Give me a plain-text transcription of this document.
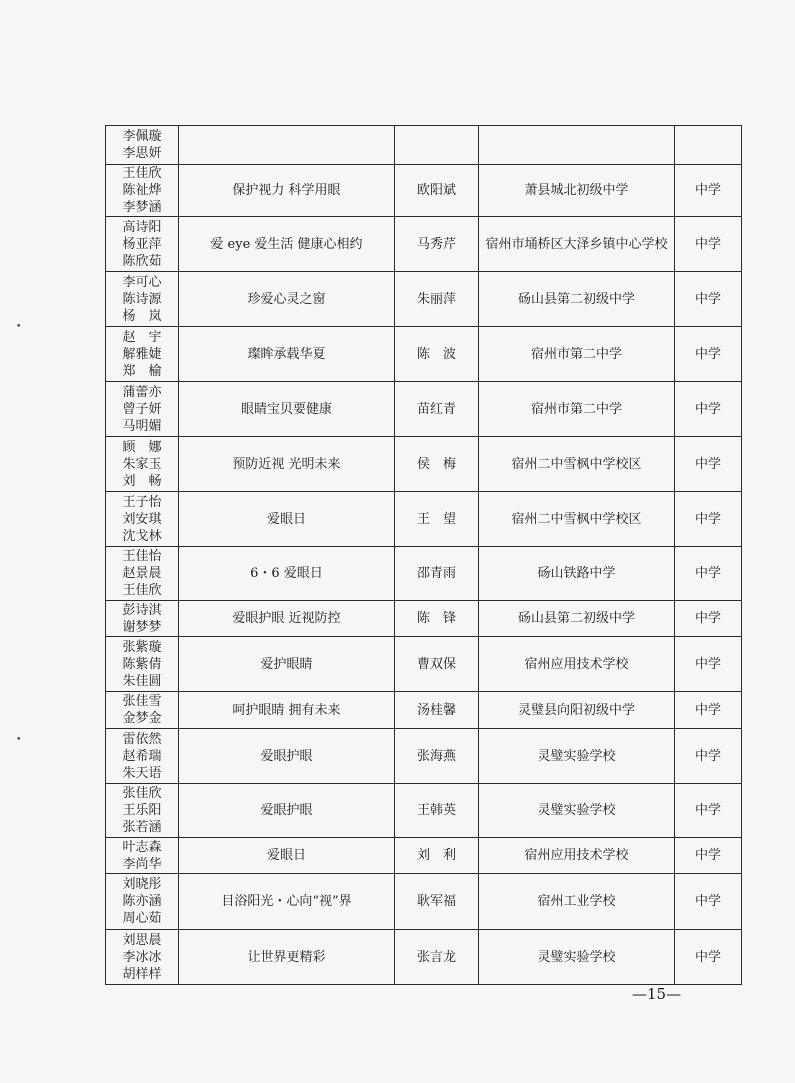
李佩璇
李思妍				

王佳欣
陈祉烨
李梦涵	保护视力 科学用眼	欧阳斌	萧县城北初级中学	中学

高诗阳
杨亚萍
陈欣茹	爱 eye 爱生活 健康心相约	马秀芹	宿州市埇桥区大泽乡镇中心学校	中学

李可心
陈诗源
杨　岚	珍爱心灵之窗	朱丽萍	砀山县第二初级中学	中学

赵　宇
解雅婕
郑　榆	璨眸承载华夏	陈　波	宿州市第二中学	中学

蒲蕾亦
曾子妍
马明媚	眼睛宝贝要健康	苗红青	宿州市第二中学	中学

顾　娜
朱家玉
刘　畅	预防近视 光明未来	侯　梅	宿州二中雪枫中学校区	中学

王子怡
刘安琪
沈戈林	爱眼日	王　望	宿州二中雪枫中学校区	中学

王佳怡
赵景晨
王佳欣	6・6 爱眼日	邵青雨	砀山铁路中学	中学

彭诗淇
谢梦梦	爱眼护眼 近视防控	陈　锋	砀山县第二初级中学	中学

张紫璇
陈紫倩
朱佳圆	爱护眼睛	曹双保	宿州应用技术学校	中学

张佳雪
金梦金	呵护眼睛 拥有未来	汤桂馨	灵璧县向阳初级中学	中学

雷依然
赵希瑞
朱天语	爱眼护眼	张海燕	灵璧实验学校	中学

张佳欣
王乐阳
张若涵	爱眼护眼	王韩英	灵璧实验学校	中学

叶志森
李尚华	爱眼日	刘　利	宿州应用技术学校	中学

刘晓彤
陈亦涵
周心茹	目浴阳光・心向“视”界	耿军福	宿州工业学校	中学

刘思晨
李冰冰
胡样样	让世界更精彩	张言龙	灵璧实验学校	中学
—15—
•
•
